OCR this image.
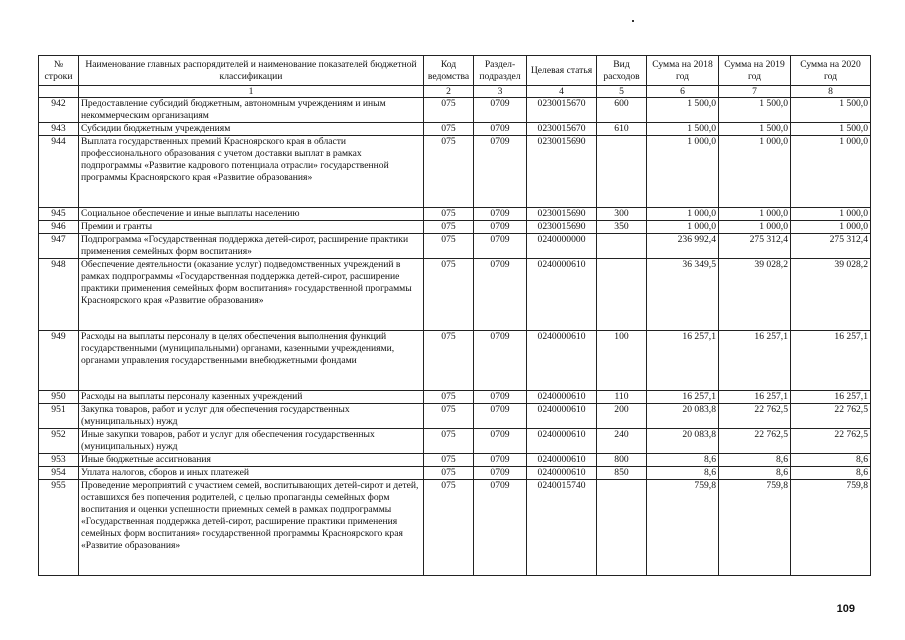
№ строки	Наименование главных распорядителей и наименование показателей бюджетной классификации	Код ведомства	Раздел-подраздел	Целевая статья	Вид расходов	Сумма на 2018 год	Сумма на 2019 год	Сумма на 2020 год
	1	2	3	4	5	6	7	8
942	Предоставление субсидий бюджетным, автономным учреждениям и иным некоммерческим организациям	075	0709	0230015670	600	1 500,0	1 500,0	1 500,0
943	Субсидии бюджетным учреждениям	075	0709	0230015670	610	1 500,0	1 500,0	1 500,0
944	Выплата государственных премий Красноярского края в области профессионального образования с учетом доставки выплат в рамках подпрограммы «Развитие кадрового потенциала отрасли» государственной программы Красноярского края «Развитие образования»	075	0709	0230015690		1 000,0	1 000,0	1 000,0
945	Социальное обеспечение и иные выплаты населению	075	0709	0230015690	300	1 000,0	1 000,0	1 000,0
946	Премии и гранты	075	0709	0230015690	350	1 000,0	1 000,0	1 000,0
947	Подпрограмма «Государственная поддержка детей-сирот, расширение практики применения семейных форм воспитания»	075	0709	0240000000		236 992,4	275 312,4	275 312,4
948	Обеспечение деятельности (оказание услуг) подведомственных учреждений в рамках подпрограммы «Государственная поддержка детей-сирот, расширение практики применения семейных форм воспитания» государственной программы Красноярского края «Развитие образования»	075	0709	0240000610		36 349,5	39 028,2	39 028,2
949	Расходы на выплаты персоналу в целях обеспечения выполнения функций государственными (муниципальными) органами, казенными учреждениями, органами управления государственными внебюджетными фондами	075	0709	0240000610	100	16 257,1	16 257,1	16 257,1
950	Расходы на выплаты персоналу казенных учреждений	075	0709	0240000610	110	16 257,1	16 257,1	16 257,1
951	Закупка товаров, работ и услуг для обеспечения государственных (муниципальных) нужд	075	0709	0240000610	200	20 083,8	22 762,5	22 762,5
952	Иные закупки товаров, работ и услуг для обеспечения государственных (муниципальных) нужд	075	0709	0240000610	240	20 083,8	22 762,5	22 762,5
953	Иные бюджетные ассигнования	075	0709	0240000610	800	8,6	8,6	8,6
954	Уплата налогов, сборов и иных платежей	075	0709	0240000610	850	8,6	8,6	8,6
955	Проведение мероприятий с участием семей, воспитывающих детей-сирот и детей, оставшихся без попечения родителей, с целью пропаганды семейных форм воспитания и оценки успешности приемных семей в рамках подпрограммы «Государственная поддержка детей-сирот, расширение практики применения семейных форм воспитания» государственной программы Красноярского края «Развитие образования»	075	0709	0240015740		759,8	759,8	759,8
109
